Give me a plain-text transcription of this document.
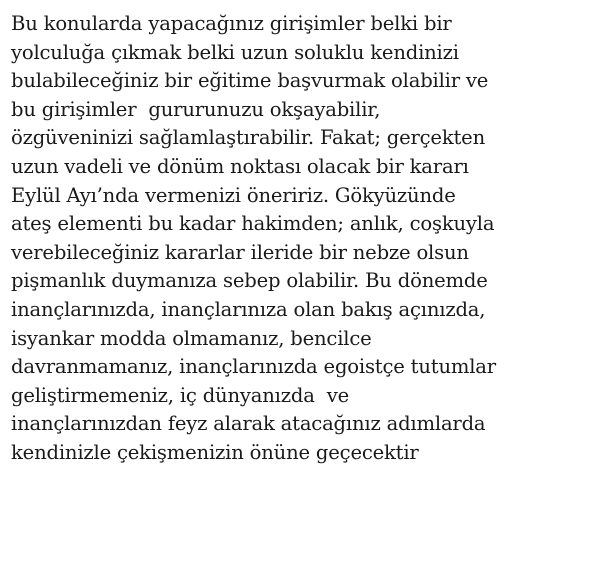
Bu konularda yapacağınız girişimler belki bir
yolculuğa çıkmak belki uzun soluklu kendinizi
bulabileceğiniz bir eğitime başvurmak olabilir ve
bu girişimler  gururunuzu okşayabilir,
özgüveninizi sağlamlaştırabilir. Fakat; gerçekten
uzun vadeli ve dönüm noktası olacak bir kararı
Eylül Ayı’nda vermenizi öneririz. Gökyüzünde
ateş elementi bu kadar hakimden; anlık, coşkuyla
verebileceğiniz kararlar ileride bir nebze olsun
pişmanlık duymanıza sebep olabilir. Bu dönemde
inançlarınızda, inançlarınıza olan bakış açınızda,
isyankar modda olmamanız, bencilce
davranmamanız, inançlarınızda egoistçe tutumlar
geliştirmemeniz, iç dünyanızda  ve
inançlarınızdan feyz alarak atacağınız adımlarda
kendinizle çekişmenizin önüne geçecektir
